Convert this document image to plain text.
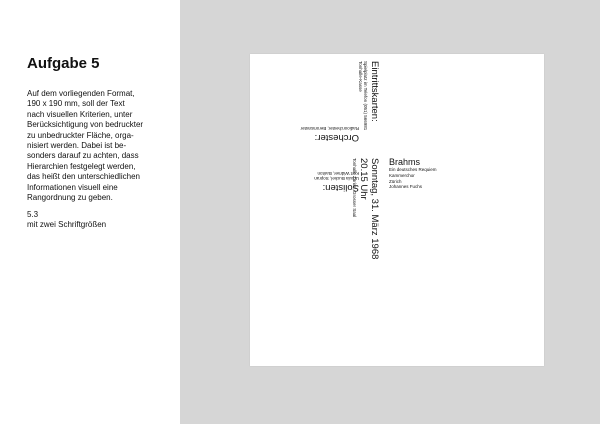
Aufgabe 5
Auf dem vorliegenden Format,
190 x 190 mm, soll der Text
nach visuellen Kriterien, unter
Berücksichtigung von bedruckter
zu unbedruckter Fläche, orga-
nisiert werden. Dabei ist be-
sonders darauf zu achten, dass
Hierarchien festgelegt werden,
das heißt den unterschiedlichen
Informationen visuell eine
Rangordnung zu geben.
5.3
mit zwei Schriftgrößen
Eintrittskarten:
Spielplatz im Telefon (051) 566981
Tonhalle-Kasse
Sonntag, 31. März 1968
20.15 Uhr
Tonhalle Zürich, Grosser Saal
Solisten:
Ursula Buckel, Sopran
Kurt Widmer, Bariton
Orchester:
Radioorchester, Beromünster
Brahms
Ein deutsches Requiem
Kammerchor
Zürich
Johannes Fuchs
